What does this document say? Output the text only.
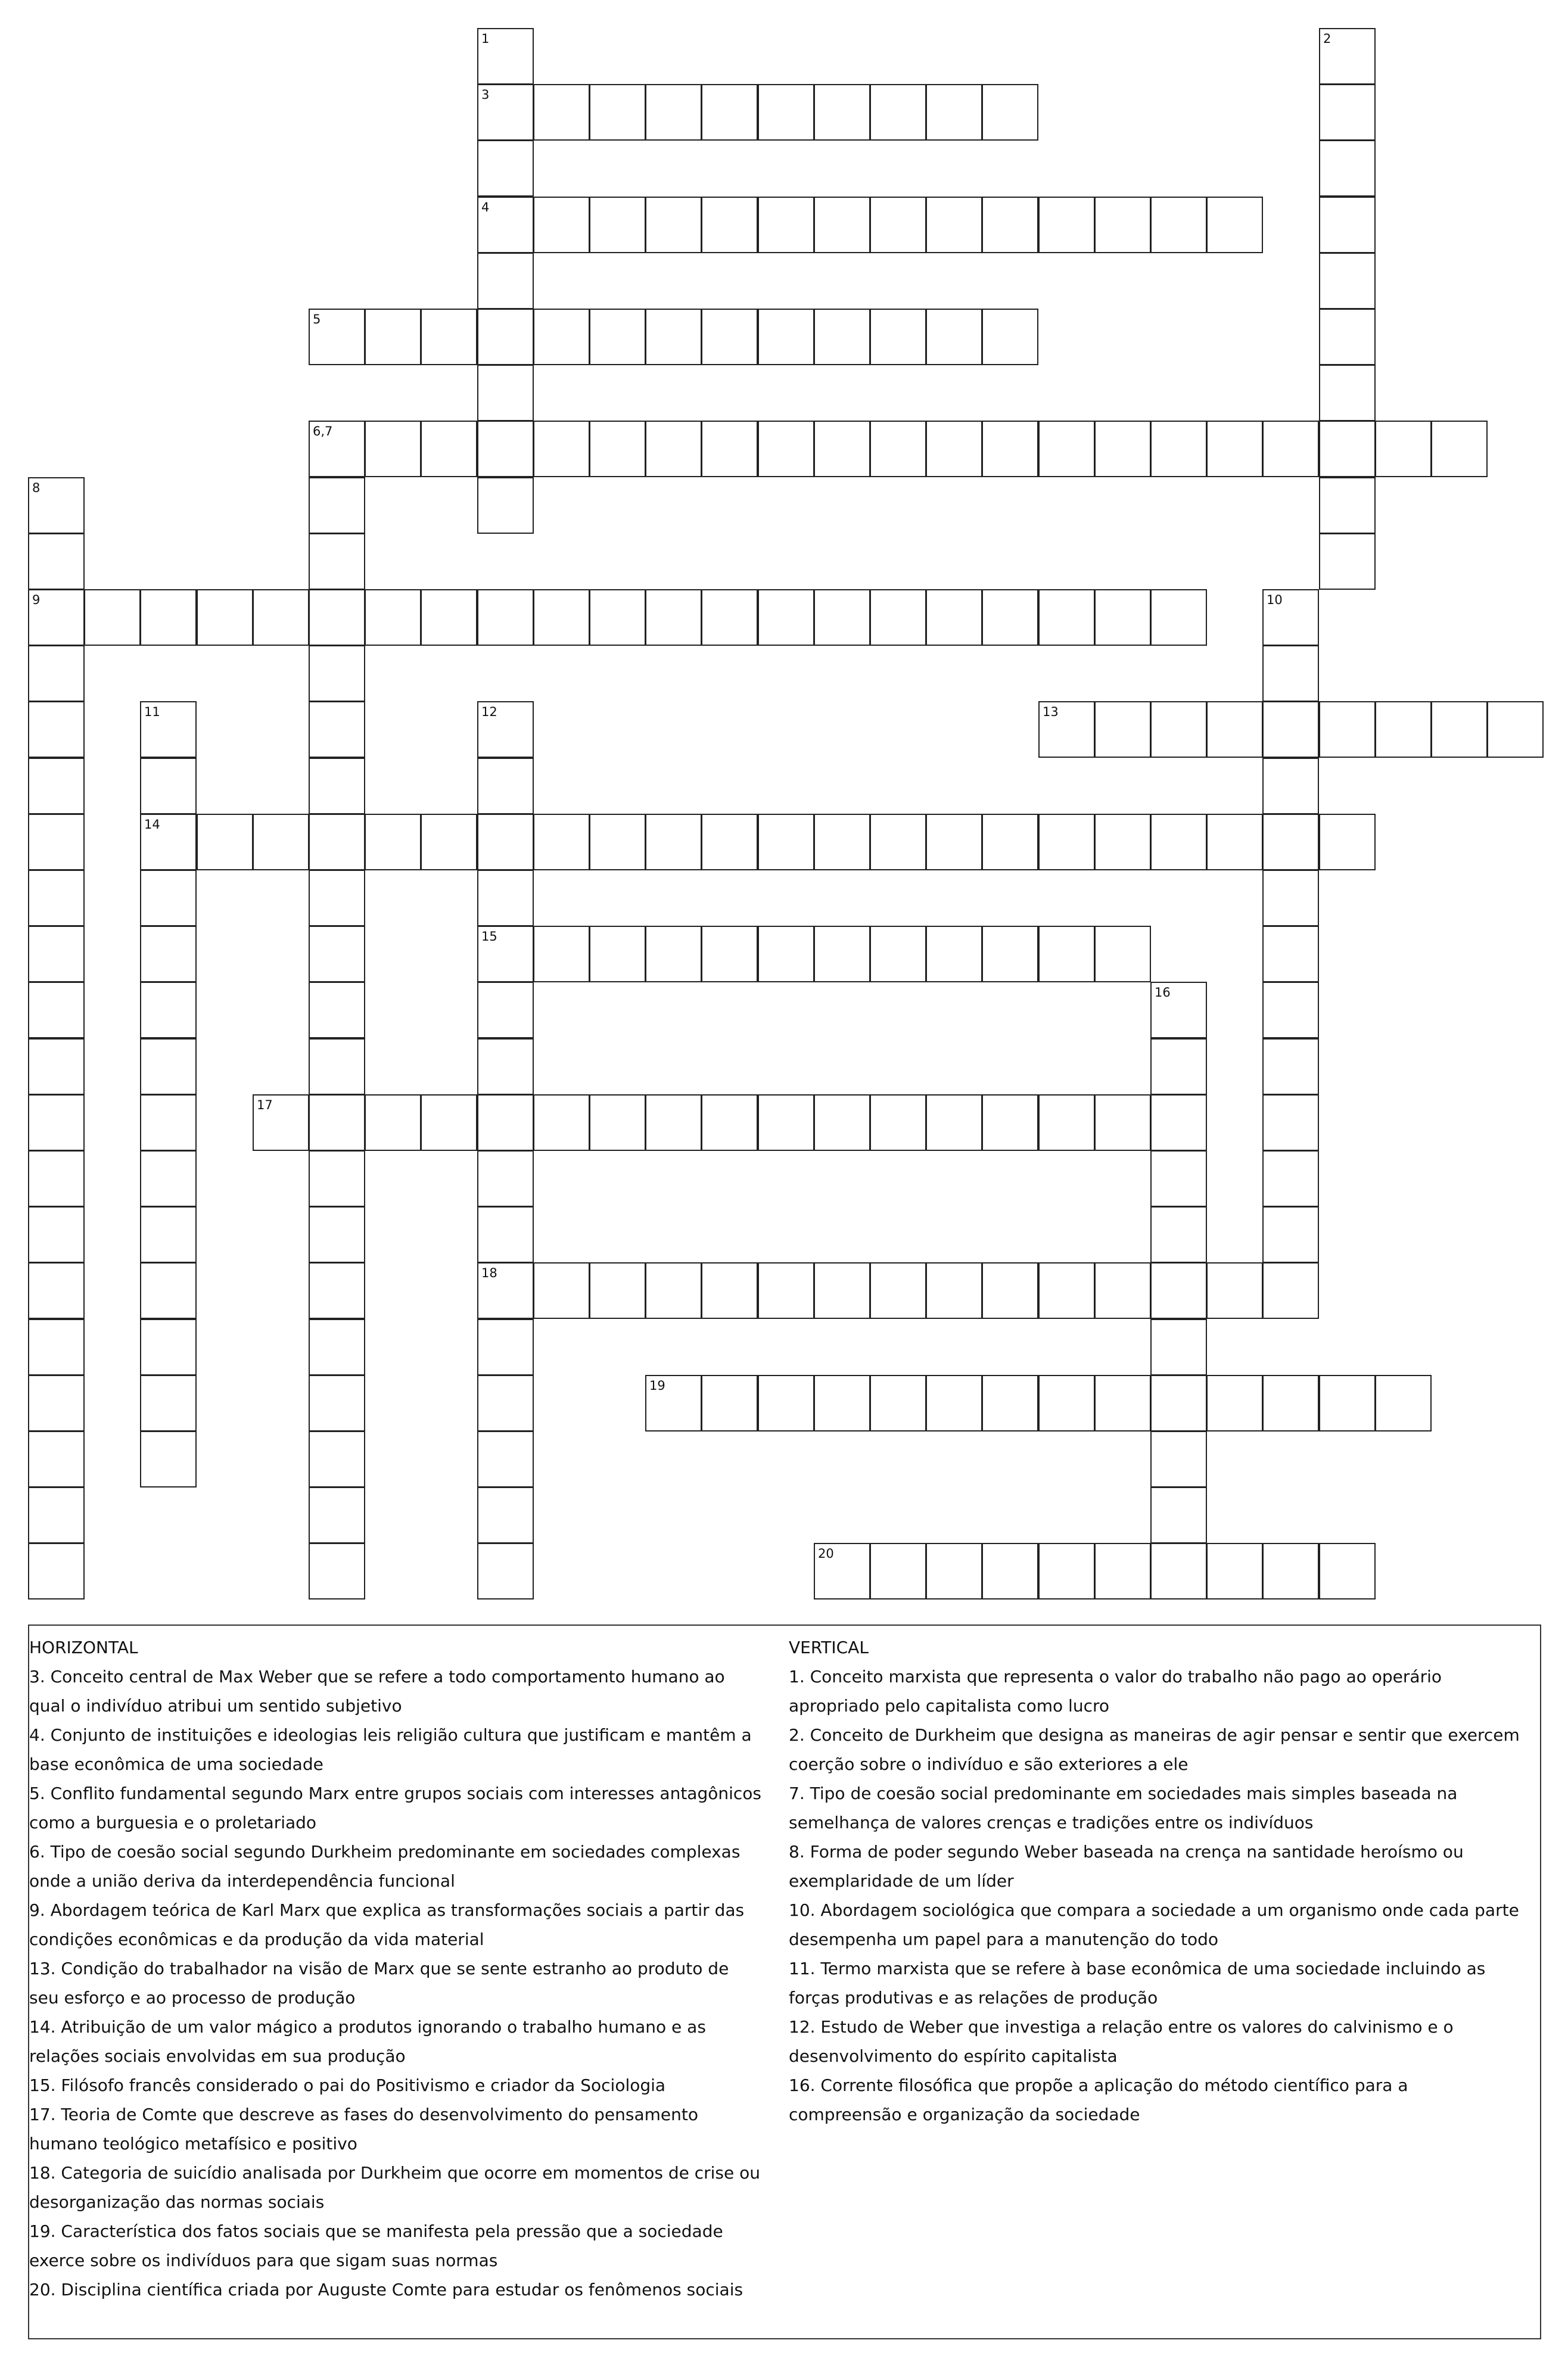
1	2
3
4
5
6,7
8
9	10
11	12	13
14
15
16
17
18
19
20
HORIZONTAL
3. Conceito central de Max Weber que se refere a todo comportamento humano ao qual o indivíduo atribui um sentido subjetivo
4. Conjunto de instituições e ideologias leis religião cultura que justificam e mantêm a base econômica de uma sociedade
5. Conflito fundamental segundo Marx entre grupos sociais com interesses antagônicos como a burguesia e o proletariado
6. Tipo de coesão social segundo Durkheim predominante em sociedades complexas onde a união deriva da interdependência funcional
9. Abordagem teórica de Karl Marx que explica as transformações sociais a partir das condições econômicas e da produção da vida material
13. Condição do trabalhador na visão de Marx que se sente estranho ao produto de seu esforço e ao processo de produção
14. Atribuição de um valor mágico a produtos ignorando o trabalho humano e as relações sociais envolvidas em sua produção
15. Filósofo francês considerado o pai do Positivismo e criador da Sociologia
17. Teoria de Comte que descreve as fases do desenvolvimento do pensamento humano teológico metafísico e positivo
18. Categoria de suicídio analisada por Durkheim que ocorre em momentos de crise ou desorganização das normas sociais
19. Característica dos fatos sociais que se manifesta pela pressão que a sociedade exerce sobre os indivíduos para que sigam suas normas
20. Disciplina científica criada por Auguste Comte para estudar os fenômenos sociais
VERTICAL
1. Conceito marxista que representa o valor do trabalho não pago ao operário apropriado pelo capitalista como lucro
2. Conceito de Durkheim que designa as maneiras de agir pensar e sentir que exercem coerção sobre o indivíduo e são exteriores a ele
7. Tipo de coesão social predominante em sociedades mais simples baseada na semelhança de valores crenças e tradições entre os indivíduos
8. Forma de poder segundo Weber baseada na crença na santidade heroísmo ou exemplaridade de um líder
10. Abordagem sociológica que compara a sociedade a um organismo onde cada parte desempenha um papel para a manutenção do todo
11. Termo marxista que se refere à base econômica de uma sociedade incluindo as forças produtivas e as relações de produção
12. Estudo de Weber que investiga a relação entre os valores do calvinismo e o desenvolvimento do espírito capitalista
16. Corrente filosófica que propõe a aplicação do método científico para a compreensão e organização da sociedade
